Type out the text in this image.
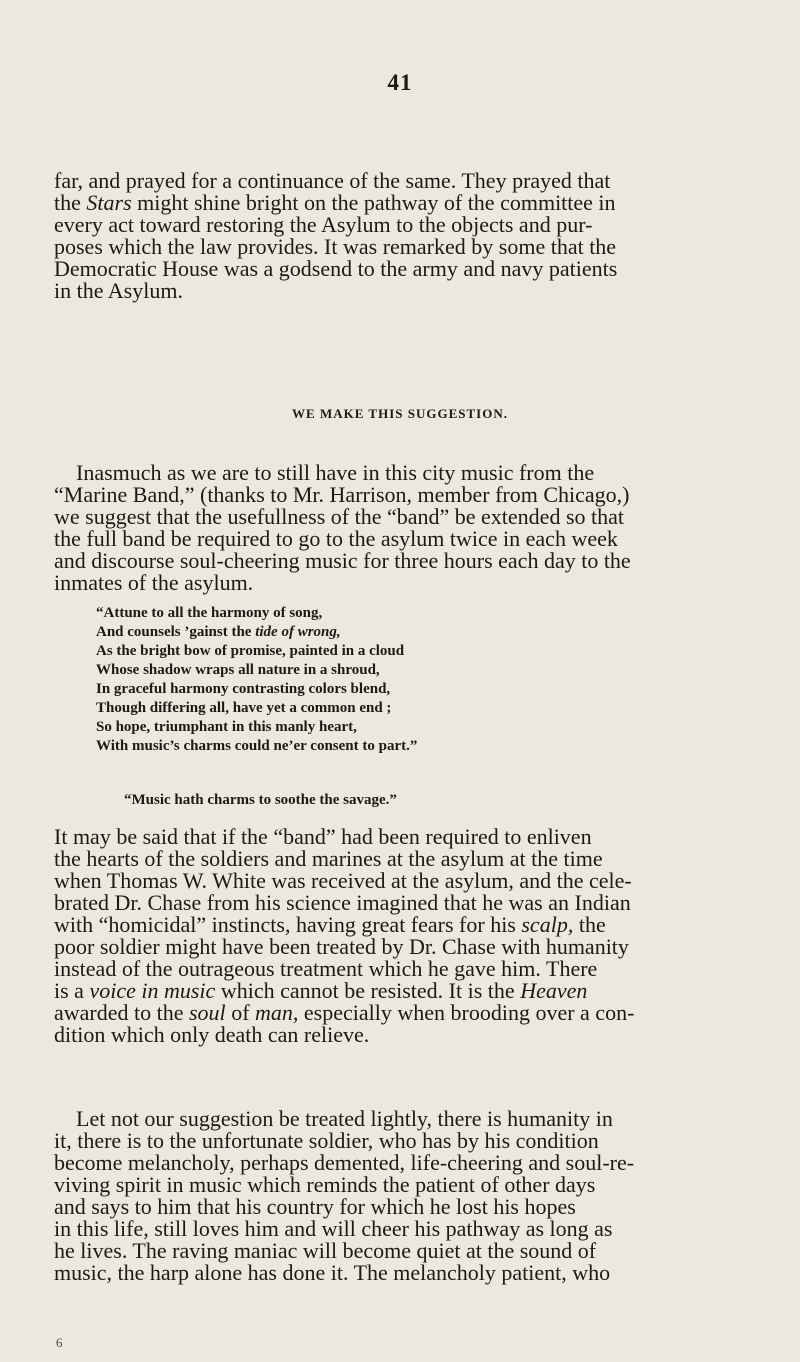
41
far, and prayed for a continuance of the same. They prayed that
the Stars might shine bright on the pathway of the committee in
every act toward restoring the Asylum to the objects and pur-
poses which the law provides. It was remarked by some that the
Democratic House was a godsend to the army and navy patients
in the Asylum.
WE MAKE THIS SUGGESTION.
Inasmuch as we are to still have in this city music from the
“Marine Band,” (thanks to Mr. Harrison, member from Chicago,)
we suggest that the usefullness of the “band” be extended so that
the full band be required to go to the asylum twice in each week
and discourse soul-cheering music for three hours each day to the
inmates of the asylum.
“Attune to all the harmony of song,
And counsels ’gainst the tide of wrong,
As the bright bow of promise, painted in a cloud
Whose shadow wraps all nature in a shroud,
In graceful harmony contrasting colors blend,
Though differing all, have yet a common end ;
So hope, triumphant in this manly heart,
With music’s charms could ne’er consent to part.”
“Music hath charms to soothe the savage.”
It may be said that if the “band” had been required to enliven
the hearts of the soldiers and marines at the asylum at the time
when Thomas W. White was received at the asylum, and the cele-
brated Dr. Chase from his science imagined that he was an Indian
with “homicidal” instincts, having great fears for his scalp, the
poor soldier might have been treated by Dr. Chase with humanity
instead of the outrageous treatment which he gave him. There
is a voice in music which cannot be resisted. It is the Heaven
awarded to the soul of man, especially when brooding over a con-
dition which only death can relieve.
Let not our suggestion be treated lightly, there is humanity in
it, there is to the unfortunate soldier, who has by his condition
become melancholy, perhaps demented, life-cheering and soul-re-
viving spirit in music which reminds the patient of other days
and says to him that his country for which he lost his hopes
in this life, still loves him and will cheer his pathway as long as
he lives. The raving maniac will become quiet at the sound of
music, the harp alone has done it. The melancholy patient, who
6
